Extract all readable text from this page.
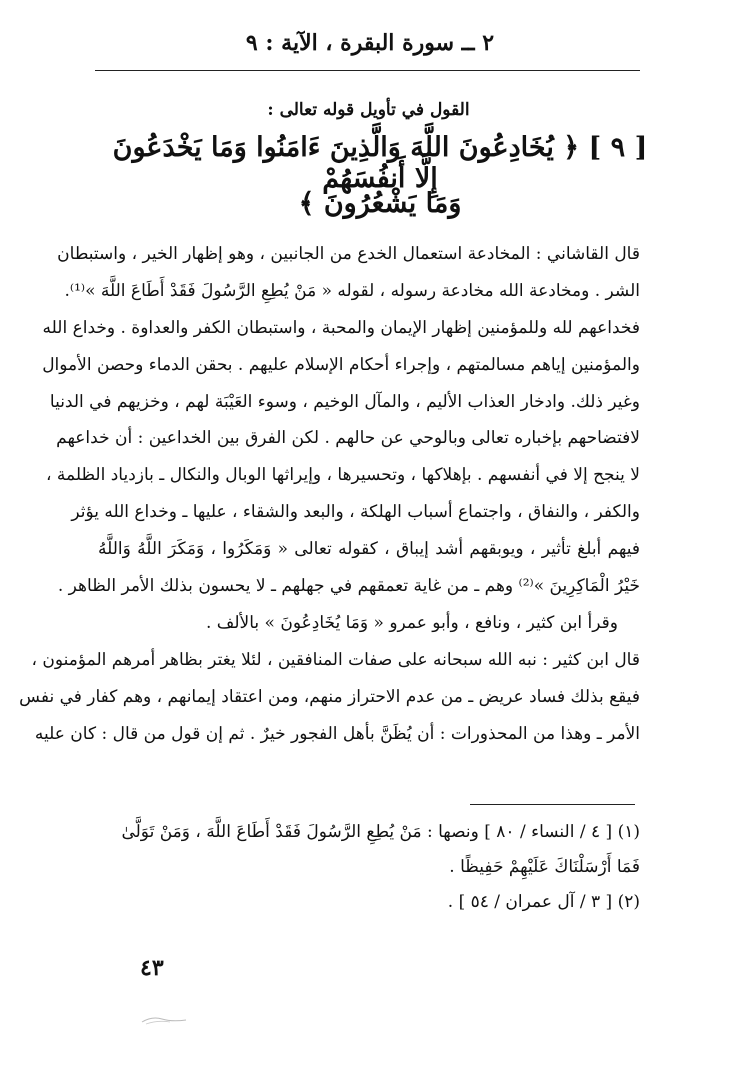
٢ ــ سورة البقرة ، الآية : ٩
القول في تأويل قوله تعالى :
[ ٩ ] ﴿ يُخَادِعُونَ اللَّهَ وَالَّذِينَ ءَامَنُوا وَمَا يَخْدَعُونَ إِلَّا أَنفُسَهُمْ
وَمَا يَشْعُرُونَ ﴾
قال القاشاني : المخادعة استعمال الخدع من الجانبين ، وهو إظهار الخير ، واستبطان
الشر . ومخادعة الله مخادعة رسوله ، لقوله « مَنْ يُطِعِ الرَّسُولَ فَقَدْ أَطَاعَ اللَّهَ »⁽¹⁾.
فخداعهم لله وللمؤمنين إظهار الإيمان والمحبة ، واستبطان الكفر والعداوة . وخداع الله
والمؤمنين إياهم مسالمتهم ، وإجراء أحكام الإسلام عليهم . بحقن الدماء وحصن الأموال
وغير ذلك. وادخار العذاب الأليم ، والمآل الوخيم ، وسوء العَيْبَة لهم ، وخزيهم في الدنيا
لافتضاحهم بإخباره تعالى وبالوحي عن حالهم . لكن الفرق بين الخداعين : أن خداعهم
لا ينجح إلا في أنفسهم . بإهلاكها ، وتحسيرها ، وإيراثها الوبال والنكال ـ بازدياد الظلمة ،
والكفر ، والنفاق ، واجتماع أسباب الهلكة ، والبعد والشقاء ، عليها ـ وخداع الله يؤثر
فيهم أبلغ تأثير ، ويوبقهم أشد إيباق ، كقوله تعالى « وَمَكَرُوا ، وَمَكَرَ اللَّهُ وَاللَّهُ
خَيْرُ الْمَاكِرِينَ »⁽²⁾ وهم ـ من غاية تعمقهم في جهلهم ـ لا يحسون بذلك الأمر الظاهر .
وقرأ ابن كثير ، ونافع ، وأبو عمرو « وَمَا يُخَادِعُونَ » بالألف .
قال ابن كثير : نبه الله سبحانه على صفات المنافقين ، لئلا يغتر بظاهر أمرهم المؤمنون ،
فيقع بذلك فساد عريض ـ من عدم الاحتراز منهم، ومن اعتقاد إيمانهم ، وهم كفار في نفس
الأمر ـ وهذا من المحذورات : أن يُظَنَّ بأهل الفجور خيرٌ . ثم إن قول من قال : كان عليه
(١) [ ٤ / النساء / ٨٠ ] ونصها : مَنْ يُطِعِ الرَّسُولَ فَقَدْ أَطَاعَ اللَّهَ ، وَمَنْ تَوَلَّىٰ
فَمَا أَرْسَلْنَاكَ عَلَيْهِمْ حَفِيظًا .
(٢) [ ٣ / آل عمران / ٥٤ ] .
٤٣
